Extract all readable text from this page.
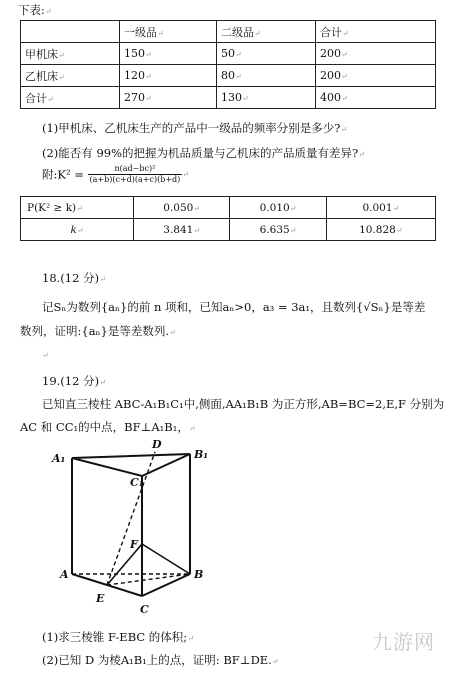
下表:↵
	一级品↵	二级品↵	合计↵
甲机床↵	150↵	50↵	200↵
乙机床↵	120↵	80↵	200↵
合计↵	270↵	130↵	400↵
(1)甲机床、乙机床生产的产品中一级品的频率分别是多少?↵
(2)能否有 99%的把握为机品质量与乙机床的产品质量有差异?↵
附:K² = $\frac{\text{n(ad−bc)²}}{(a+b)(c+d)(a+c)(b+d)}$ ↵
P(K² ≥ k)↵	0.050↵	0.010↵	0.001↵
k↵	3.841↵	6.635↵	10.828↵
18.(12 分)↵
记Sₙ为数列{aₙ}的前 n 项和，已知aₙ>0，a₃ = 3a₁，且数列{√Sₙ}是等差
数列，证明:{aₙ}是等差数列.↵
↵
19.(12 分)↵
已知直三棱柱 ABC-A₁B₁C₁中,侧面,AA₁B₁B 为正方形,AB=BC=2,E,F 分别为
AC 和 CC₁的中点，BF⊥A₁B₁，↵
A₁	B₁
C₁
D
A	B
C
E
F
(1)求三棱锥 F-EBC 的体积;↵
(2)已知 D 为棱A₁B₁上的点，证明: BF⊥DE.↵
九游网
